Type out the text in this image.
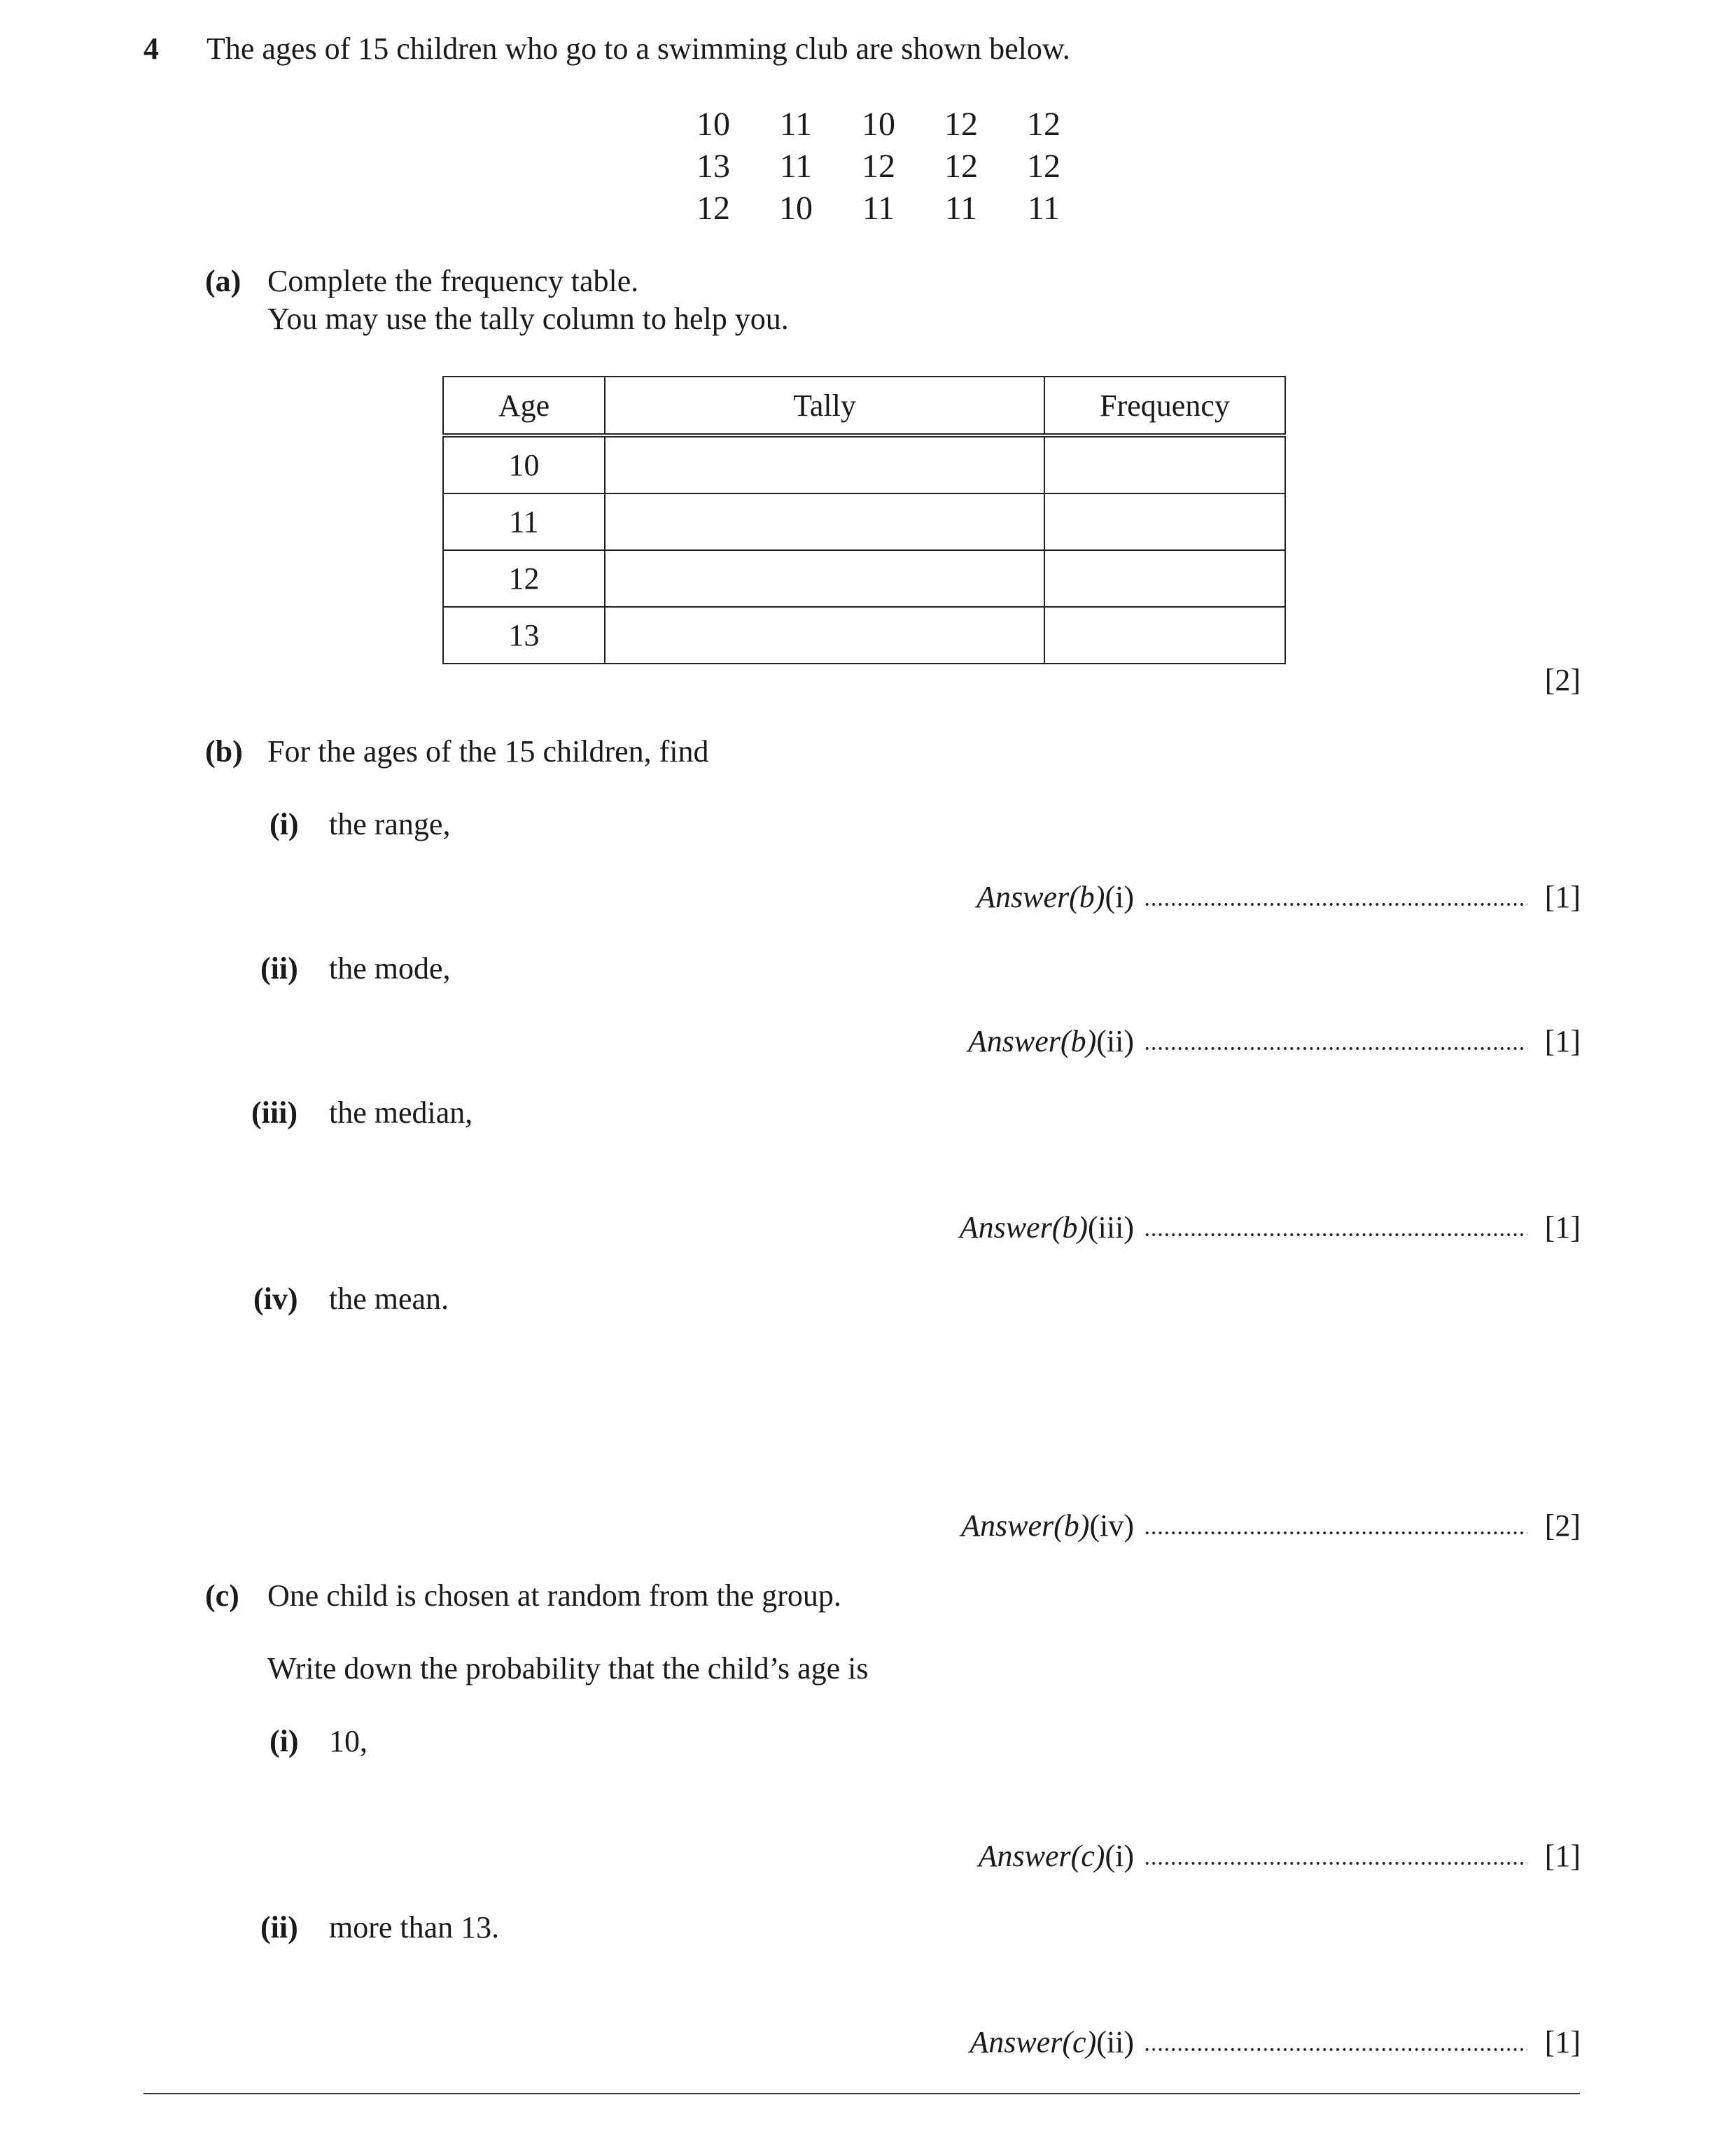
4 The ages of 15 children who go to a swimming club are shown below.
10	11	10	12	12
13	11	12	12	12
12	10	11	11	11
(a) Complete the frequency table.
You may use the tally column to help you.
Age	Tally	Frequency
10		
11		
12		
13		
[2]
(b) For the ages of the 15 children, find
(i) the range,
Answer(b)(i)	[1]
(ii) the mode,
Answer(b)(ii)	[1]
(iii) the median,
Answer(b)(iii)	[1]
(iv) the mean.
Answer(b)(iv)	[2]
(c) One child is chosen at random from the group.
Write down the probability that the child’s age is
(i) 10,
Answer(c)(i)	[1]
(ii) more than 13.
Answer(c)(ii)	[1]
